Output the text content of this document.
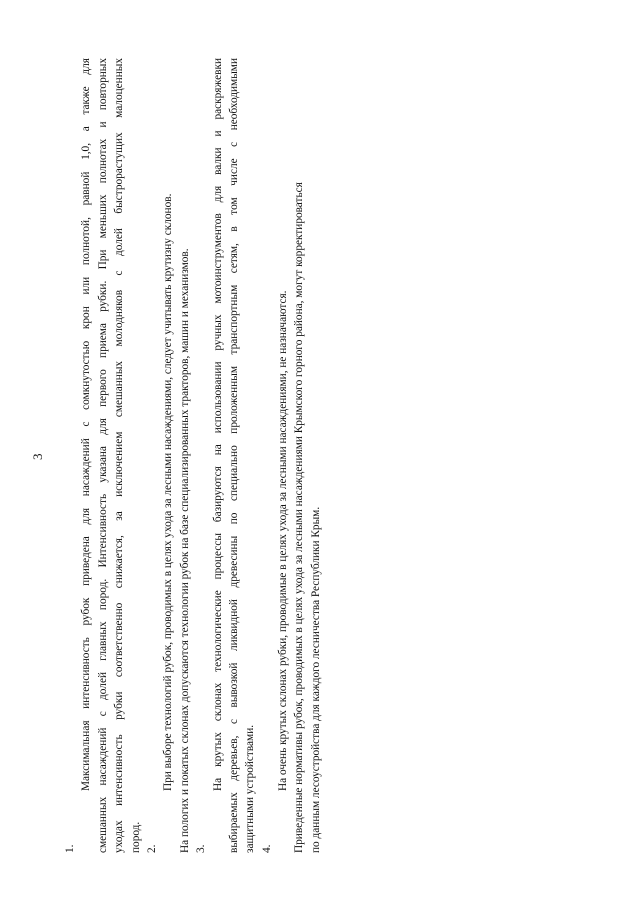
3
1.
Максимальная интенсивность рубок приведена для насаждений с сомкнутостью крон или полнотой, равной 1,0, а также для смешанных насаждений с долей главных пород. Интенсивность указана для первого приема рубки. При меньших полнотах и повторных уходах интенсивность рубки соответственно снижается, за исключением смешанных молодняков с долей быстрорастущих малоценных пород. 2.
При выборе технологий рубок, проводимых в целях ухода за лесными насаждениями, следует учитывать крутизну склонов. На пологих и покатых склонах допускаются технологии рубок на базе специализированных тракторов, машин и механизмов. 3.
На крутых склонах технологические процессы базируются на использовании ручных мотоинструментов для валки и раскряжевки выбираемых деревьев, с вывозкой ликвидной древесины по специально проложенным транспортным сетям, в том числе с необходимыми защитными устройствами. 4.
На очень крутых склонах рубки, проводимые в целях ухода за лесными насаждениями, не назначаются. Приведенные нормативы рубок, проводимых в целях ухода за лесными насаждениями Крымского горного района, могут корректироваться по данным лесоустройства для каждого лесничества Республики Крым.
